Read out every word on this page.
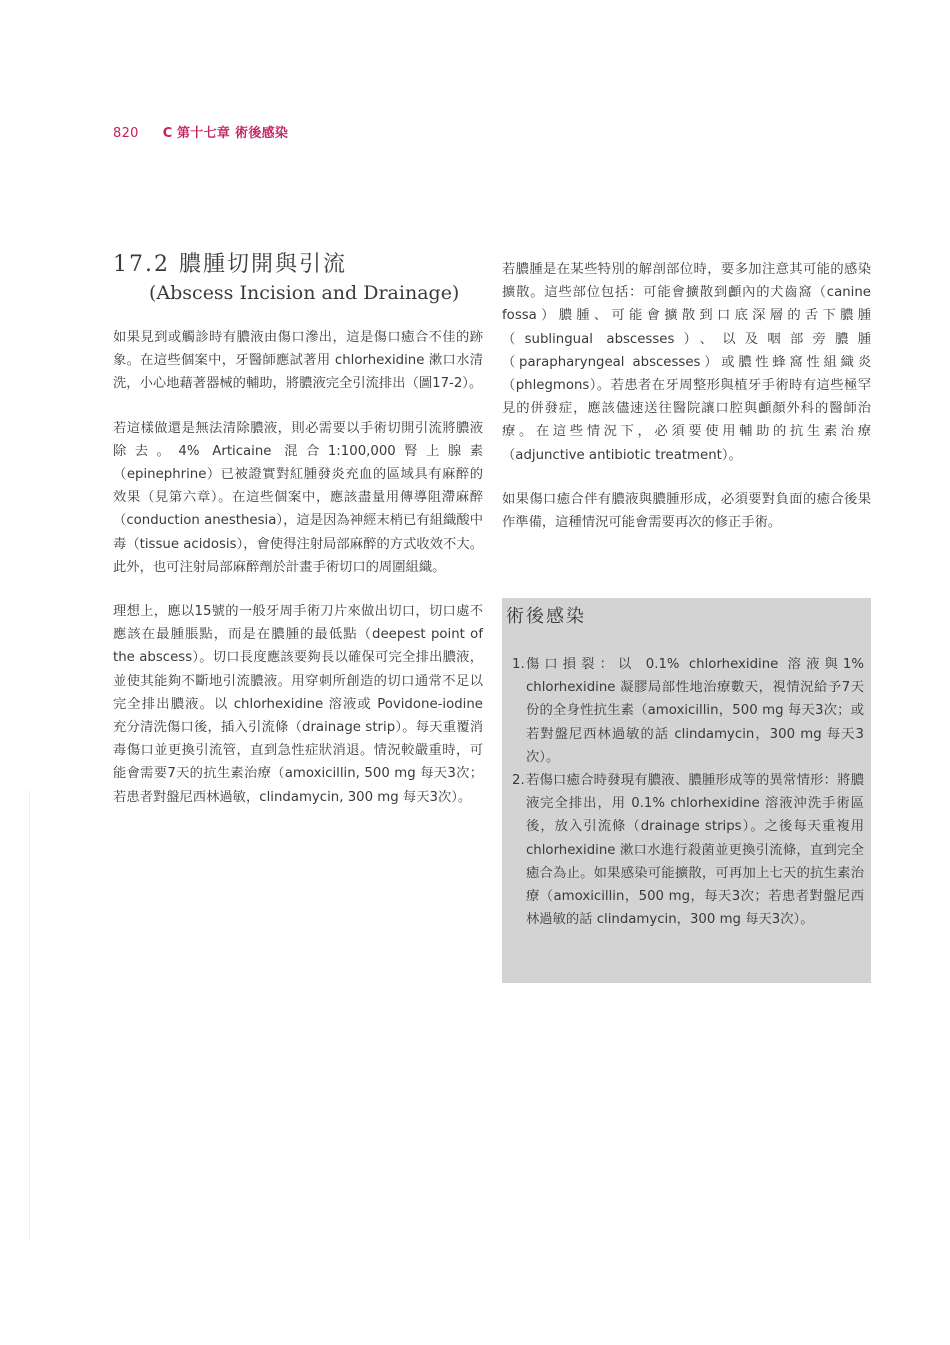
820 C 第十七章 術後感染
17.2 膿腫切開與引流
(Abscess Incision and Drainage)

如果見到或觸診時有膿液由傷口滲出，這是傷口癒合不佳的跡象。在這些個案中，牙醫師應試著用 chlorhexidine 漱口水清洗，小心地藉著器械的輔助，將膿液完全引流排出（圖17-2）。

若這樣做還是無法清除膿液，則必需要以手術切開引流將膿液除去。4% Articaine 混合1:100,000腎上腺素（epinephrine）已被證實對紅腫發炎充血的區域具有麻醉的效果（見第六章）。在這些個案中，應該盡量用傳導阻滯麻醉（conduction anesthesia），這是因為神經末梢已有組織酸中毒（tissue acidosis），會使得注射局部麻醉的方式收效不大。此外，也可注射局部麻醉劑於計畫手術切口的周圍組織。

理想上，應以15號的一般牙周手術刀片來做出切口，切口處不應該在最腫脹點，而是在膿腫的最低點（deepest point of the abscess）。切口長度應該要夠長以確保可完全排出膿液，並使其能夠不斷地引流膿液。用穿刺所創造的切口通常不足以完全排出膿液。以 chlorhexidine 溶液或 Povidone-iodine 充分清洗傷口後，插入引流條（drainage strip）。每天重覆消毒傷口並更換引流管，直到急性症狀消退。情況較嚴重時，可能會需要7天的抗生素治療（amoxicillin, 500 mg 每天3次；若患者對盤尼西林過敏，clindamycin, 300 mg 每天3次）。

若膿腫是在某些特別的解剖部位時，要多加注意其可能的感染擴散。這些部位包括：可能會擴散到顱內的犬齒窩（canine fossa）膿腫、可能會擴散到口底深層的舌下膿腫（sublingual abscesses）、以及咽部旁膿腫（parapharyngeal abscesses）或膿性蜂窩性組織炎（phlegmons）。若患者在牙周整形與植牙手術時有這些極罕見的併發症，應該儘速送往醫院讓口腔與顱顏外科的醫師治療。在這些情況下，必須要使用輔助的抗生素治療（adjunctive antibiotic treatment）。

如果傷口癒合伴有膿液與膿腫形成，必須要對負面的癒合後果作準備，這種情況可能會需要再次的修正手術。

術後感染
1. 傷口損裂：以 0.1% chlorhexidine 溶液與1% chlorhexidine 凝膠局部性地治療數天，視情況給予7天份的全身性抗生素（amoxicillin，500 mg 每天3次；或若對盤尼西林過敏的話 clindamycin，300 mg 每天3次）。
2. 若傷口癒合時發現有膿液、膿腫形成等的異常情形：將膿液完全排出，用 0.1% chlorhexidine 溶液沖洗手術區後，放入引流條（drainage strips）。之後每天重複用 chlorhexidine 漱口水進行殺菌並更換引流條，直到完全癒合為止。如果感染可能擴散，可再加上七天的抗生素治療（amoxicillin，500 mg，每天3次；若患者對盤尼西林過敏的話 clindamycin，300 mg 每天3次）。
